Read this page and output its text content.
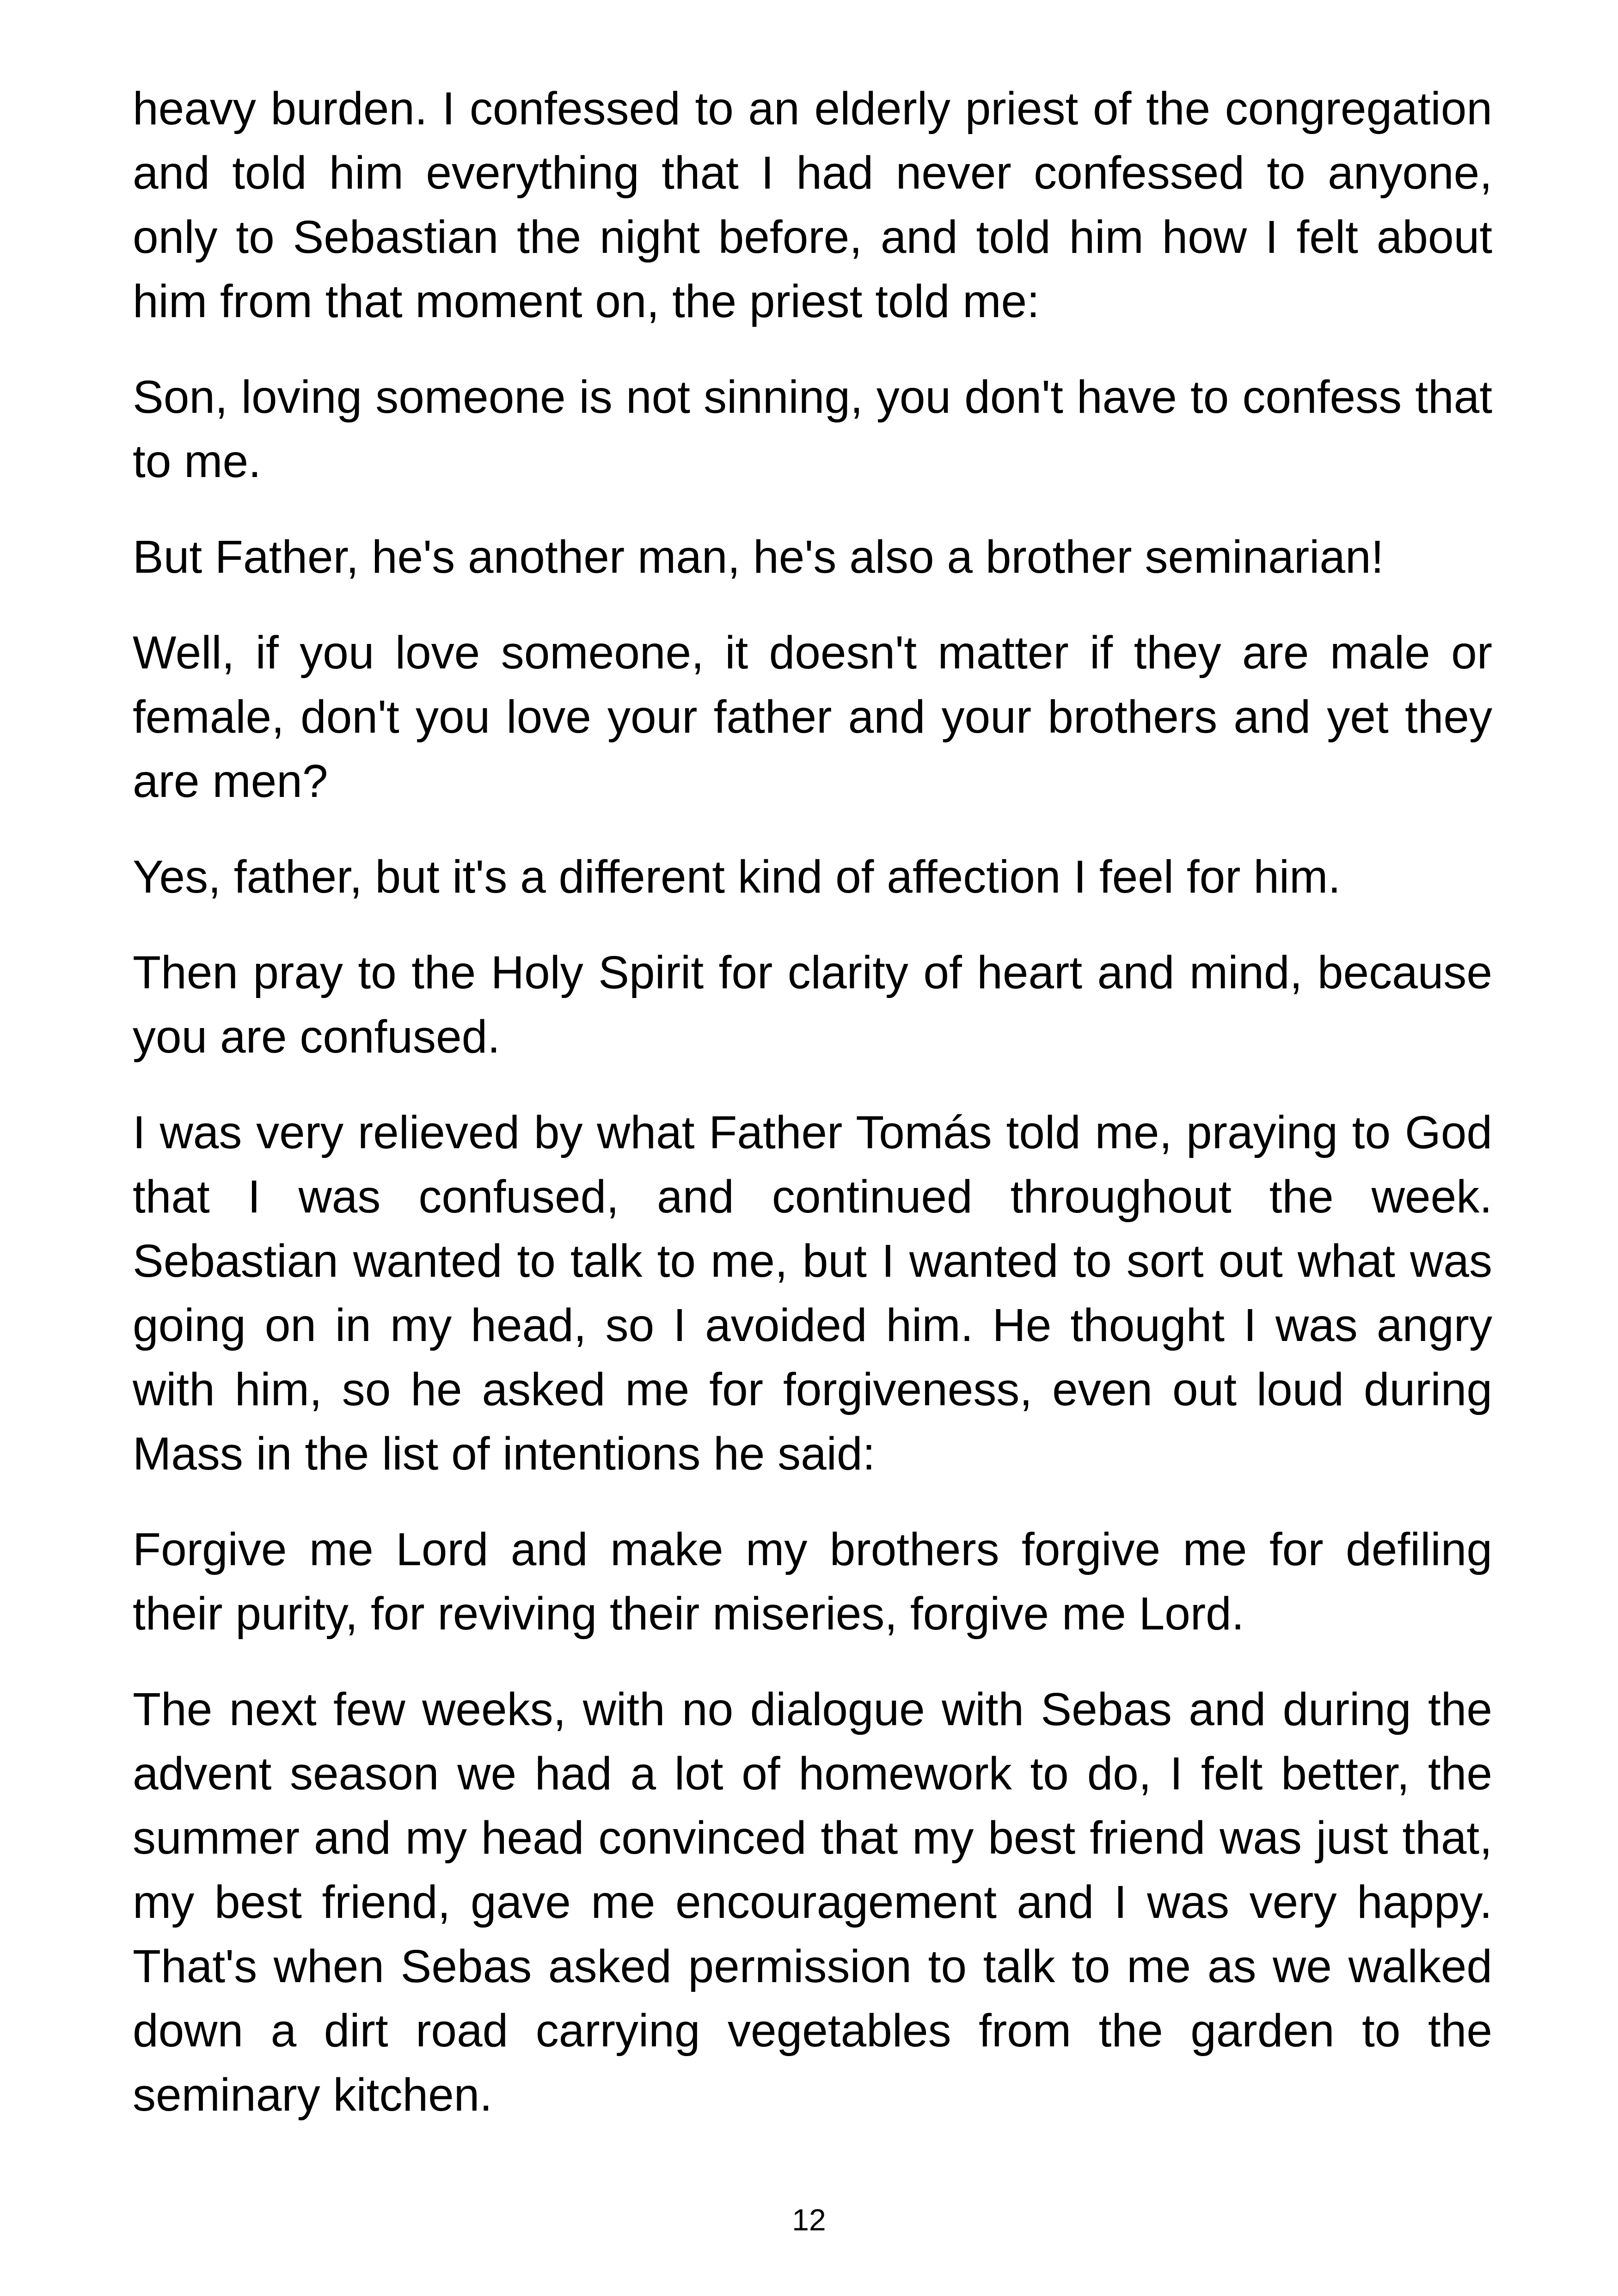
heavy burden. I confessed to an elderly priest of the congregation and told him everything that I had never confessed to anyone, only to Sebastian the night before, and told him how I felt about him from that moment on, the priest told me:

Son, loving someone is not sinning, you don't have to confess that to me.

But Father, he's another man, he's also a brother seminarian!

Well, if you love someone, it doesn't matter if they are male or female, don't you love your father and your brothers and yet they are men?

Yes, father, but it's a different kind of affection I feel for him.

Then pray to the Holy Spirit for clarity of heart and mind, because you are confused.

I was very relieved by what Father Tomás told me, praying to God that I was confused, and continued throughout the week. Sebastian wanted to talk to me, but I wanted to sort out what was going on in my head, so I avoided him. He thought I was angry with him, so he asked me for forgiveness, even out loud during Mass in the list of intentions he said:

Forgive me Lord and make my brothers forgive me for defiling their purity, for reviving their miseries, forgive me Lord.

The next few weeks, with no dialogue with Sebas and during the advent season we had a lot of homework to do, I felt better, the summer and my head convinced that my best friend was just that, my best friend, gave me encouragement and I was very happy. That's when Sebas asked permission to talk to me as we walked down a dirt road carrying vegetables from the garden to the seminary kitchen.

12
